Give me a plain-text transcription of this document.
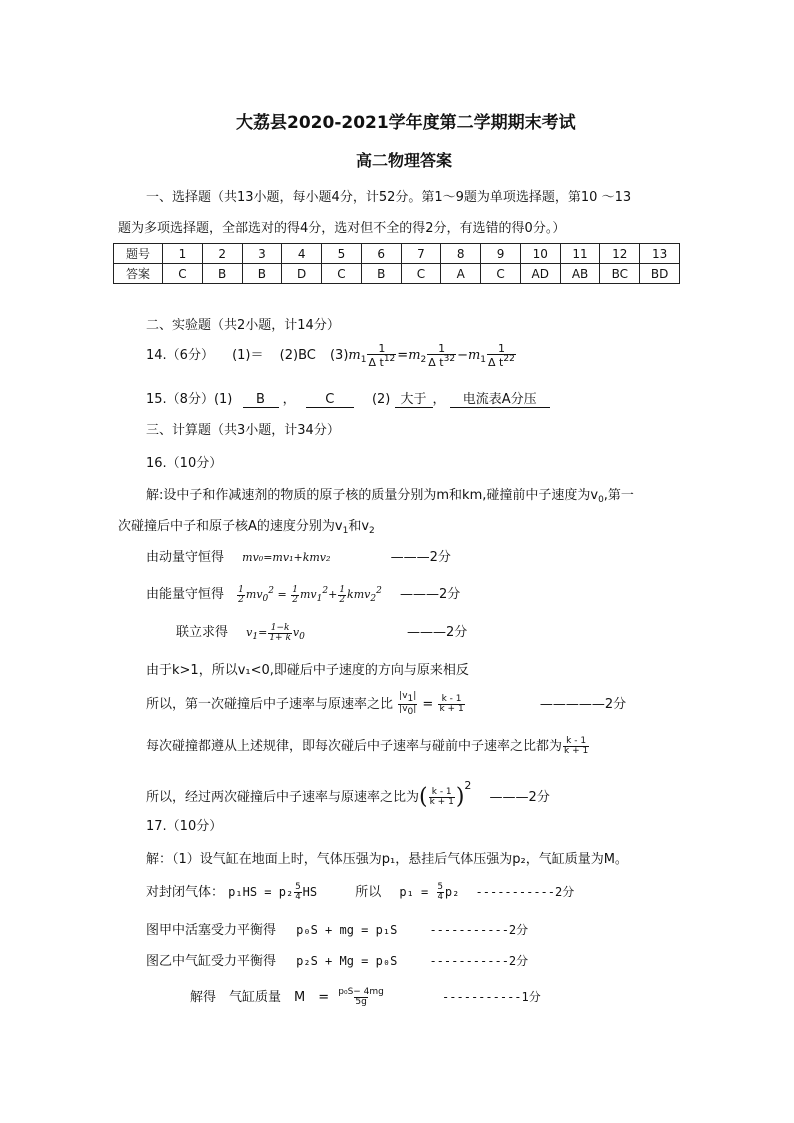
大荔县2020-2021学年度第二学期期末考试
高二物理答案
一、选择题（共13小题，每小题4分，计52分。第1～9题为单项选择题，第10 ～13
题为多项选择题，全部选对的得4分，选对但不全的得2分，有选错的得0分。）
题号	1	2	3	4	5	6	7	8	9	10	11	12	13
答案	C	B	B	D	C	B	C	A	C	AD	AB	BC	BD
二、实验题（共2小题，计14分）
14.（6分） (1)＝ (2)BC $(3)m_1 \frac{1}{\Delta t^{12}} =m_2 \frac{1}{\Delta t^{32}} -m_1 \frac{1}{\Delta t^{22}}$
15.（8分）(1) B ， C	(2) 大于 ， 电流表A分压
三、计算题（共3小题，计34分）
16.（10分）
解:设中子和作减速剂的物质的原子核的质量分别为m和km,碰撞前中子速度为$v_0$,第一
次碰撞后中子和原子核A的速度分别为$v_1$和$v_2$
由动量守恒得 mv₀=mv₁+kmv₂	———2分
由能量守恒得 $\frac{1}{2} mv_0^2 = \frac{1}{2} mv_1^2+ \frac{1}{2} kmv_2^2$ ———2分
联立求得 $v_1= \frac{1-k}{1+ k} v_0$	———2分
由于k>1，所以v₁<0,即碰后中子速度的方向与原来相反
所以，第一次碰撞后中子速率与原速率之比 $\frac{|v_1|}{|v_0|} = \frac{k - 1}{k + 1}$	—————2分
每次碰撞都遵从上述规律，即每次碰后中子速率与碰前中子速率之比都为 $\frac{k - 1}{k + 1}$
所以，经过两次碰撞后中子速率与原速率之比为( $\frac{k - 1}{k + 1} )^2$ ———2分
17.（10分）
解：（1）设气缸在地面上时，气体压强为p₁，悬挂后气体压强为p₂，气缸质量为M。
对封闭气体： $p_1HS = p_2 \frac{5}{4}$ HS	所以 $p_1 = \frac{5}{4} p_2$ -----------2分
图甲中活塞受力平衡得 p₀S + mg = p₁S	-----------2分
图乙中气缸受力平衡得 p₂S + Mg = p₀S	-----------2分
解得　气缸质量　M　= $\frac{\text{p₀S− 4mg}}{5g}$	-----------1分
